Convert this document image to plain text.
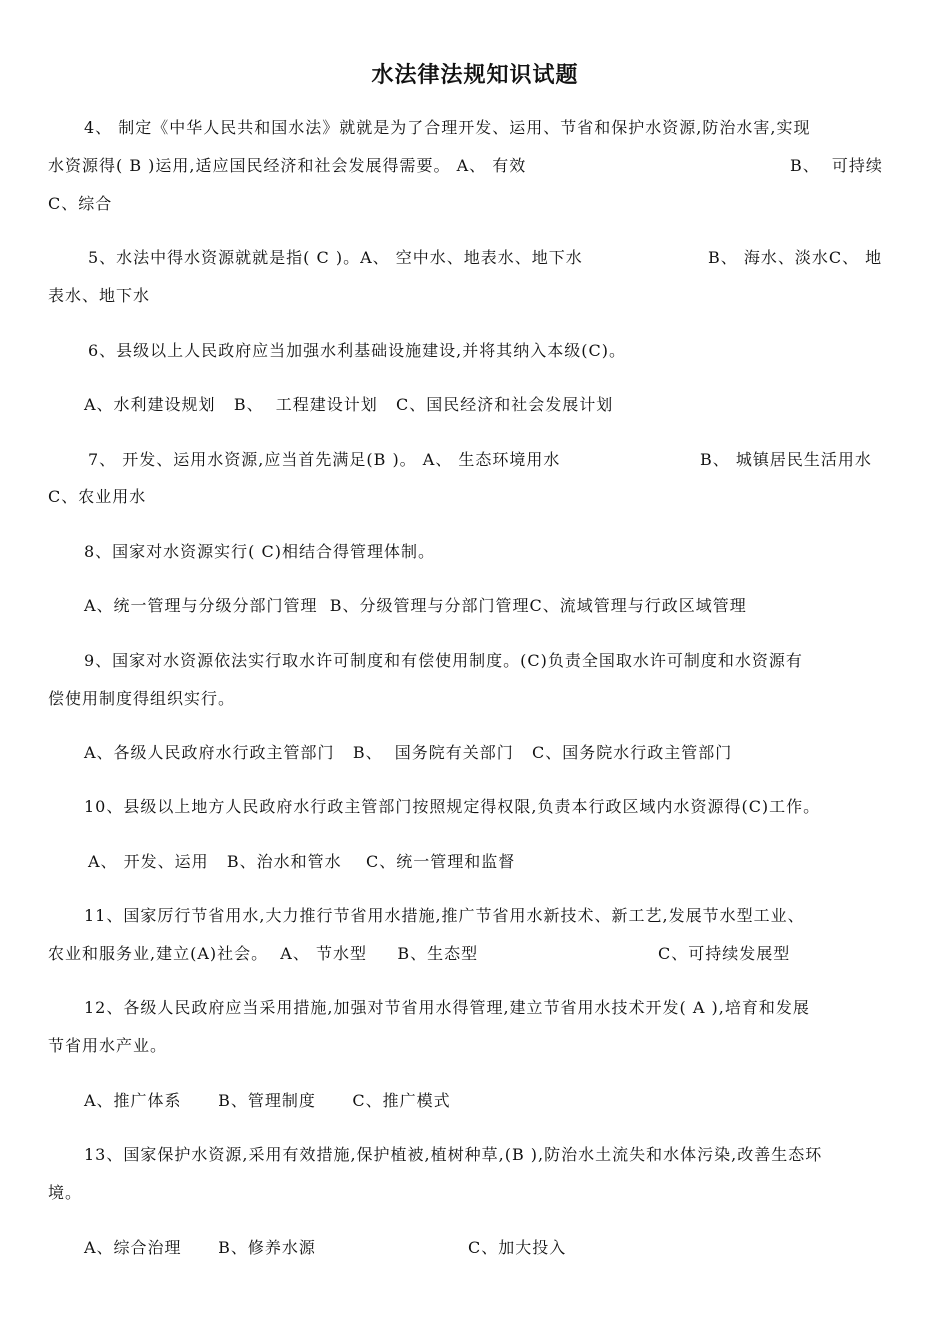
水法律法规知识试题
4、 制定《中华人民共和国水法》就就是为了合理开发、运用、节省和保护水资源,防治水害,实现
水资源得( B )运用,适应国民经济和社会发展得需要。 A、 有效	B、  可持续
C、综合
5、水法中得水资源就就是指( C )。A、 空中水、地表水、地下水	B、 海水、淡水C、 地
表水、地下水
6、县级以上人民政府应当加强水利基础设施建设,并将其纳入本级(C)。
A、水利建设规划   B、  工程建设计划   C、国民经济和社会发展计划
7、 开发、运用水资源,应当首先满足(B )。 A、 生态环境用水	B、 城镇居民生活用水
C、农业用水
8、国家对水资源实行( C)相结合得管理体制。
A、统一管理与分级分部门管理  B、分级管理与分部门管理C、流域管理与行政区域管理
9、国家对水资源依法实行取水许可制度和有偿使用制度。(C)负责全国取水许可制度和水资源有
偿使用制度得组织实行。
A、各级人民政府水行政主管部门   B、  国务院有关部门   C、国务院水行政主管部门
10、县级以上地方人民政府水行政主管部门按照规定得权限,负责本行政区域内水资源得(C)工作。
A、 开发、运用   B、治水和管水    C、统一管理和监督
11、国家厉行节省用水,大力推行节省用水措施,推广节省用水新技术、新工艺,发展节水型工业、
农业和服务业,建立(A)社会。  A、 节水型     B、生态型	C、可持续发展型
12、各级人民政府应当采用措施,加强对节省用水得管理,建立节省用水技术开发( A ),培育和发展
节省用水产业。
A、推广体系      B、管理制度      C、推广模式
13、国家保护水资源,采用有效措施,保护植被,植树种草,(B ),防治水土流失和水体污染,改善生态环
境。
A、综合治理      B、修养水源	C、加大投入
